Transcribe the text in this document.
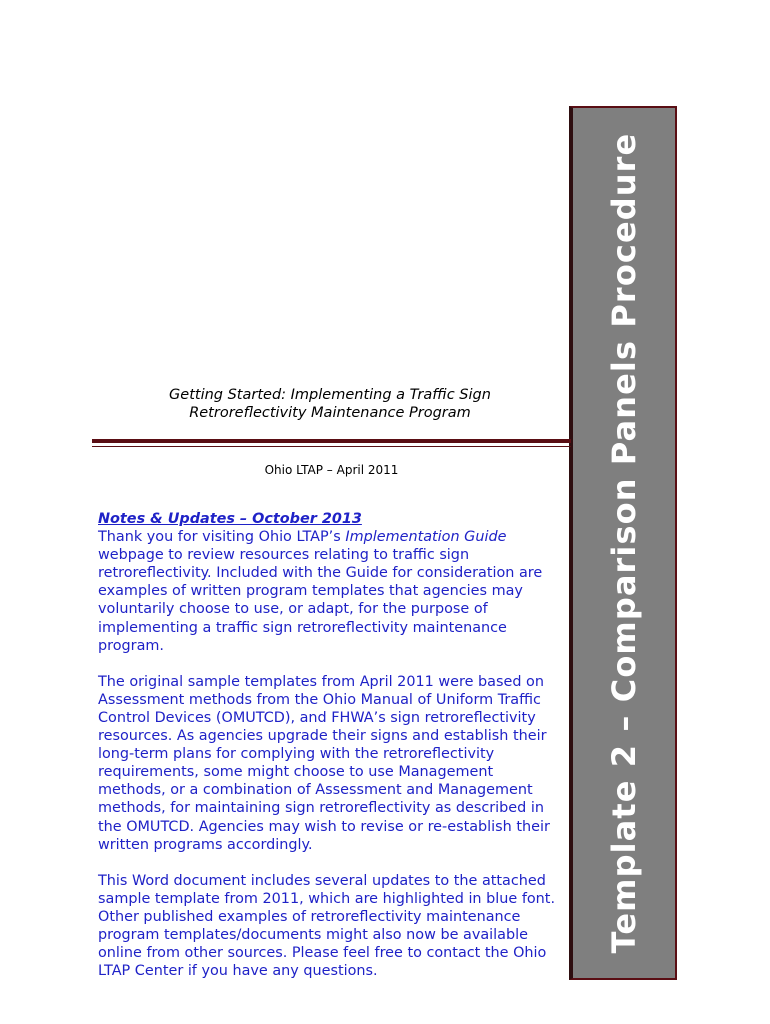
Template 2 – Comparison Panels Procedure
Getting Started: Implementing a Traffic Sign
Retroreflectivity Maintenance Program
Ohio LTAP – April 2011

Notes & Updates – October 2013
Thank you for visiting Ohio LTAP’s Implementation Guide webpage to review resources relating to traffic sign retroreflectivity. Included with the Guide for consideration are examples of written program templates that agencies may voluntarily choose to use, or adapt, for the purpose of implementing a traffic sign retroreflectivity maintenance program.

The original sample templates from April 2011 were based on Assessment methods from the Ohio Manual of Uniform Traffic Control Devices (OMUTCD), and FHWA’s sign retroreflectivity resources. As agencies upgrade their signs and establish their long-term plans for complying with the retroreflectivity requirements, some might choose to use Management methods, or a combination of Assessment and Management methods, for maintaining sign retroreflectivity as described in the OMUTCD. Agencies may wish to revise or re-establish their written programs accordingly.

This Word document includes several updates to the attached sample template from 2011, which are highlighted in blue font. Other published examples of retroreflectivity maintenance program templates/documents might also now be available online from other sources. Please feel free to contact the Ohio LTAP Center if you have any questions.
